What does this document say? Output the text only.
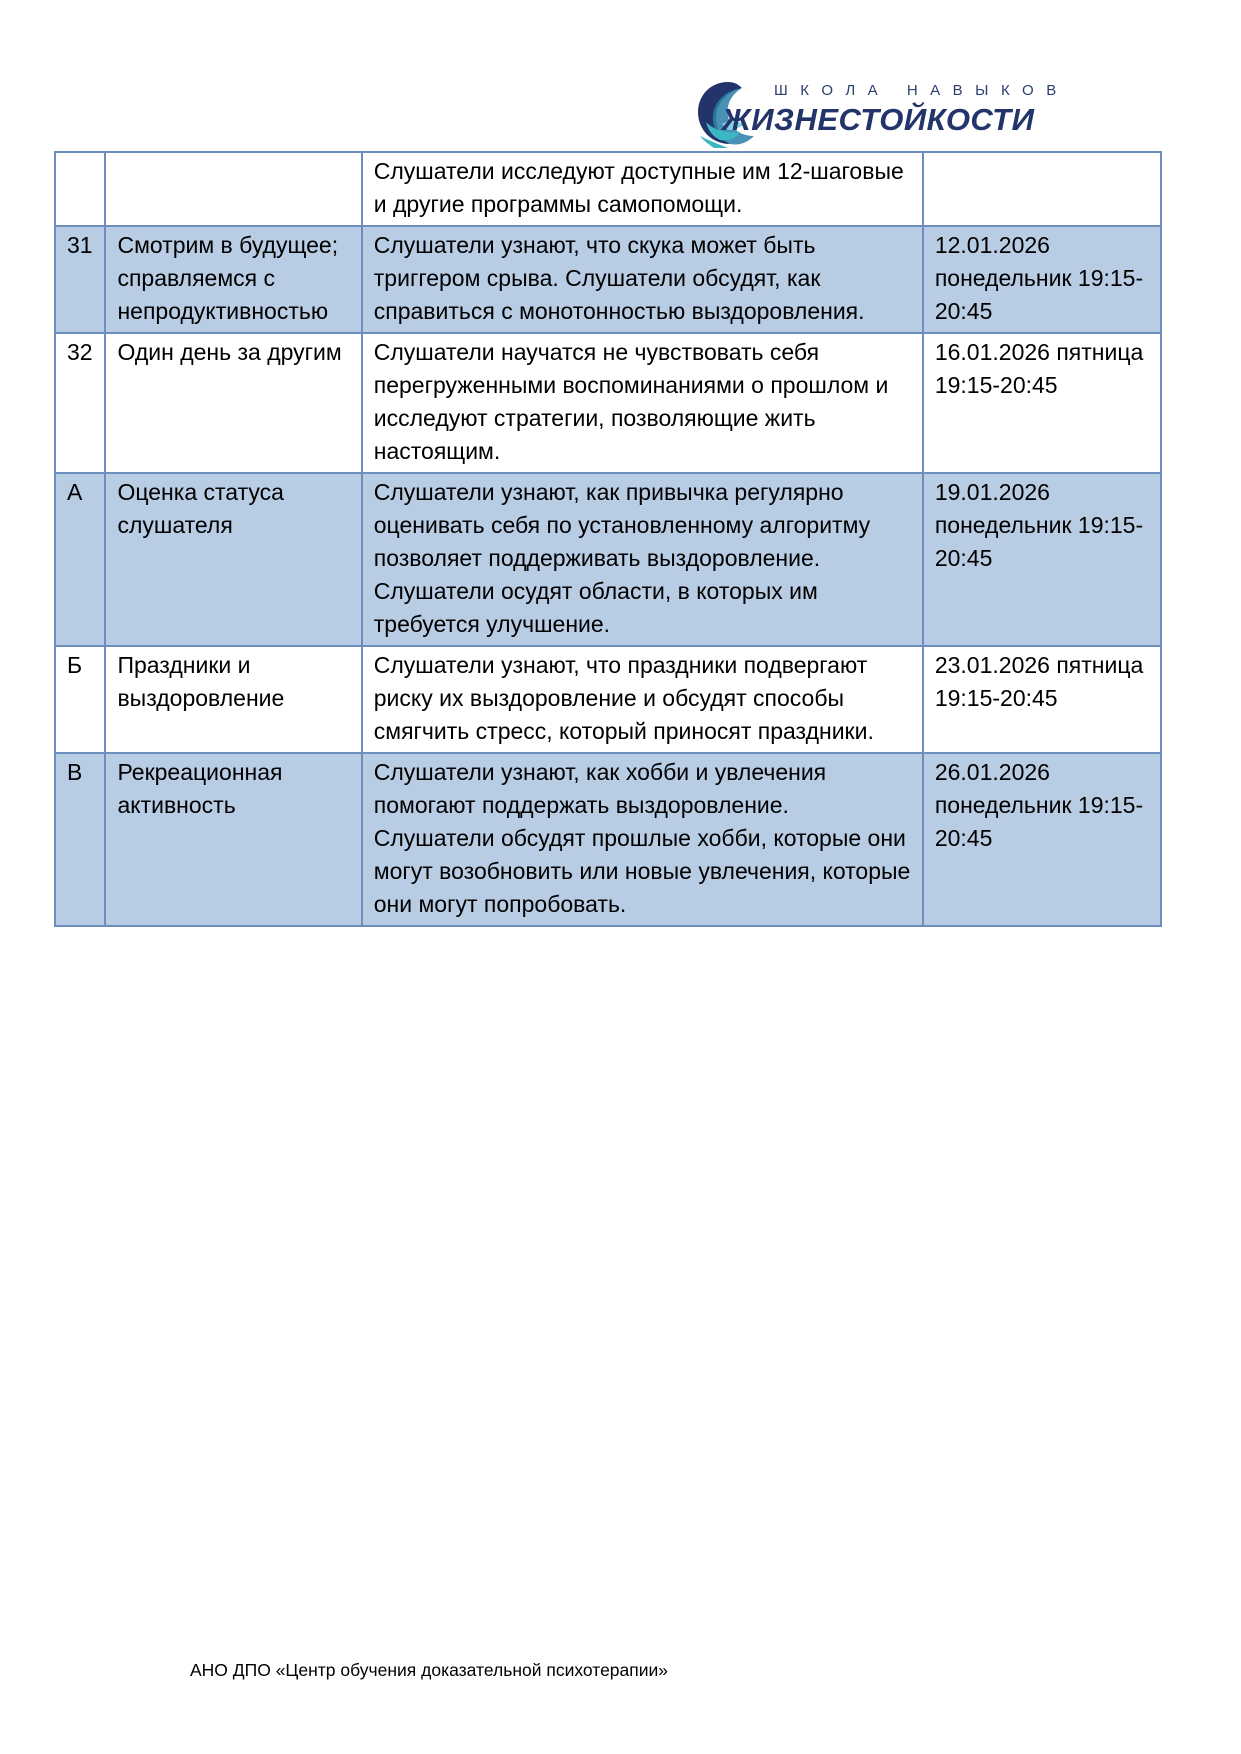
ШКОЛА НАВЫКОВ
ЖИЗНЕСТОЙКОСТИ
		Слушатели исследуют доступные им 12-шаговые и другие программы самопомощи.	
31	Смотрим в будущее; справляемся с непродуктивностью	Слушатели узнают, что скука может быть триггером срыва. Слушатели обсудят, как справиться с монотонностью выздоровления.	12.01.2026 понедельник 19:15-20:45
32	Один день за другим	Слушатели научатся не чувствовать себя перегруженными воспоминаниями о прошлом и исследуют стратегии, позволяющие жить настоящим.	16.01.2026 пятница 19:15-20:45
А	Оценка статуса слушателя	Слушатели узнают, как привычка регулярно оценивать себя по установленному алгоритму позволяет поддерживать выздоровление. Слушатели осудят области, в которых им требуется улучшение.	19.01.2026 понедельник 19:15-20:45
Б	Праздники и выздоровление	Слушатели узнают, что праздники подвергают риску их выздоровление и обсудят способы смягчить стресс, который приносят праздники.	23.01.2026 пятница 19:15-20:45
В	Рекреационная активность	Слушатели узнают, как хобби и увлечения помогают поддержать выздоровление. Слушатели обсудят прошлые хобби, которые они могут возобновить или новые увлечения, которые они могут попробовать.	26.01.2026 понедельник 19:15-20:45
АНО ДПО «Центр обучения доказательной психотерапии»
